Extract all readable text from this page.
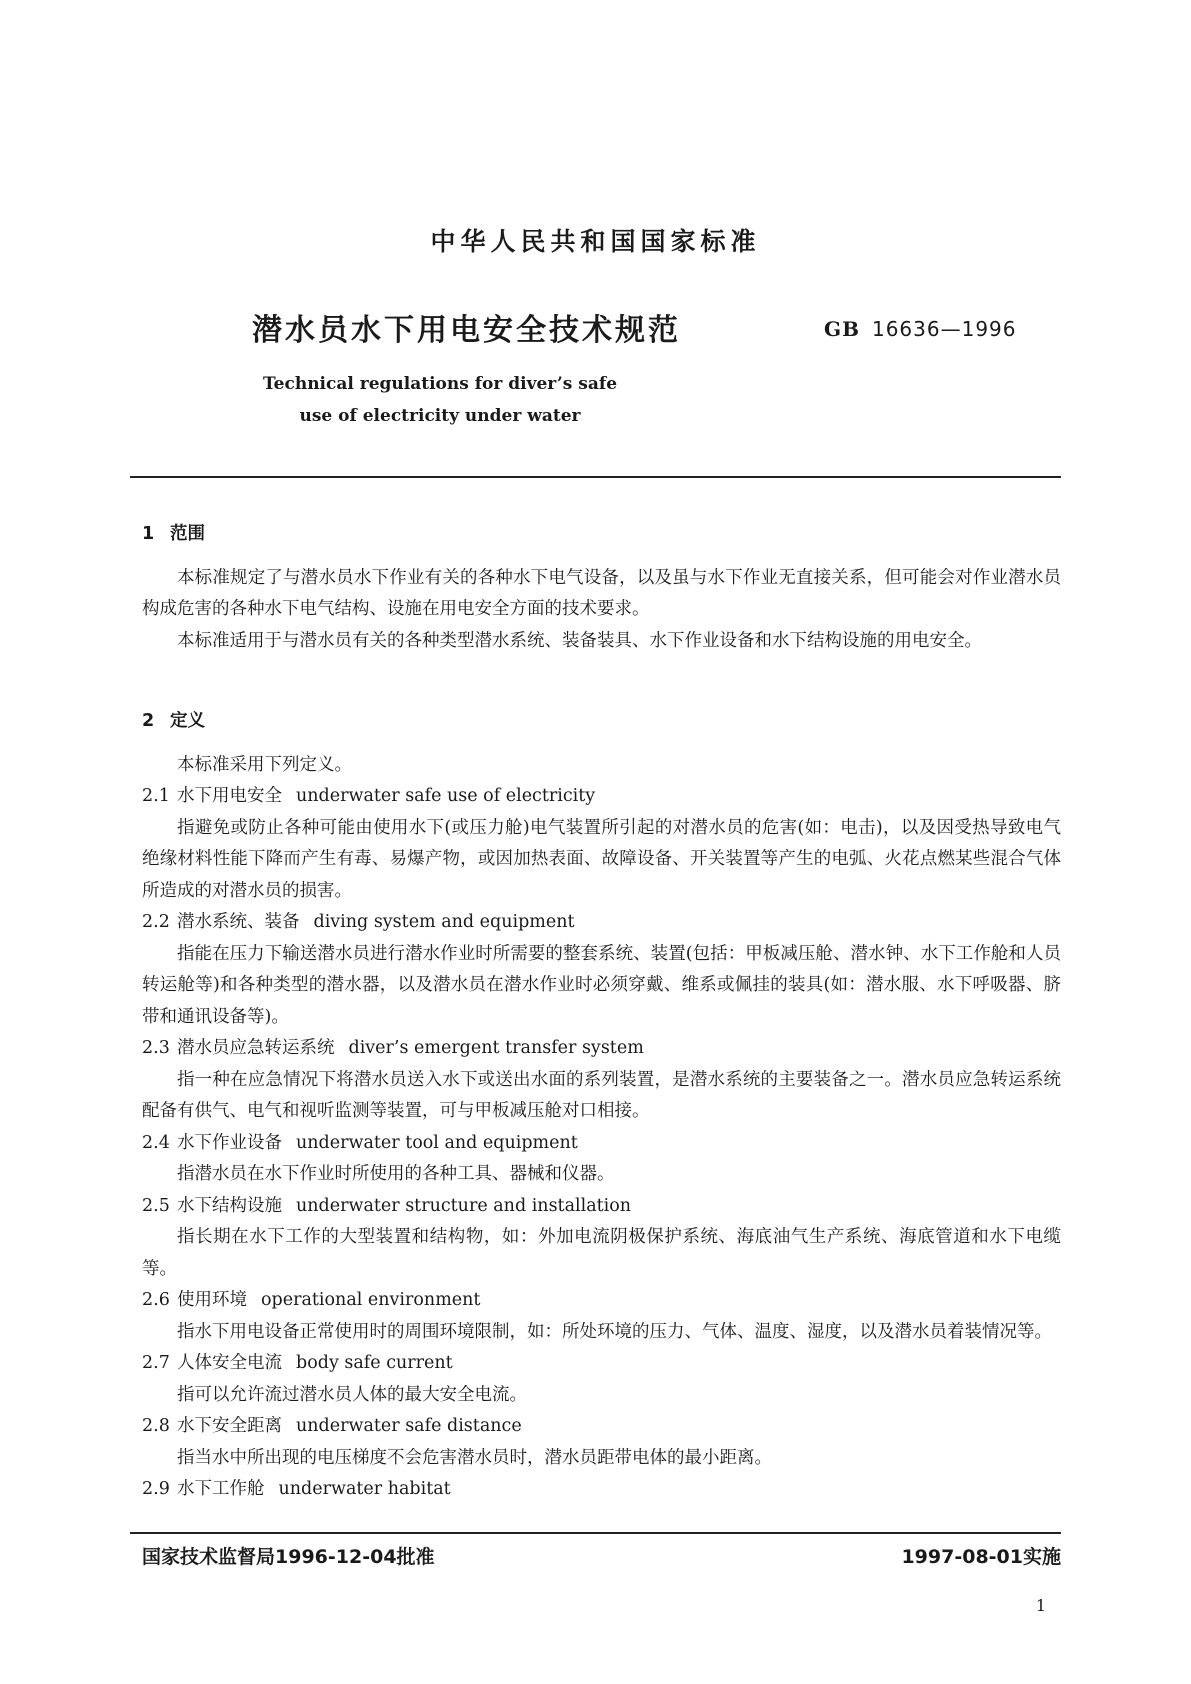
中华人民共和国国家标准
潜水员水下用电安全技术规范	GB 16636—1996
Technical regulations for diver’s safe
use of electricity under water
1 范围
本标准规定了与潜水员水下作业有关的各种水下电气设备，以及虽与水下作业无直接关系，但可能会对作业潜水员构成危害的各种水下电气结构、设施在用电安全方面的技术要求。
本标准适用于与潜水员有关的各种类型潜水系统、装备装具、水下作业设备和水下结构设施的用电安全。
2 定义
本标准采用下列定义。
2.1 水下用电安全 underwater safe use of electricity
指避免或防止各种可能由使用水下(或压力舱)电气装置所引起的对潜水员的危害(如：电击)，以及因受热导致电气绝缘材料性能下降而产生有毒、易爆产物，或因加热表面、故障设备、开关装置等产生的电弧、火花点燃某些混合气体所造成的对潜水员的损害。
2.2 潜水系统、装备 diving system and equipment
指能在压力下输送潜水员进行潜水作业时所需要的整套系统、装置(包括：甲板减压舱、潜水钟、水下工作舱和人员转运舱等)和各种类型的潜水器，以及潜水员在潜水作业时必须穿戴、维系或佩挂的装具(如：潜水服、水下呼吸器、脐带和通讯设备等)。
2.3 潜水员应急转运系统 diver’s emergent transfer system
指一种在应急情况下将潜水员送入水下或送出水面的系列装置，是潜水系统的主要装备之一。潜水员应急转运系统配备有供气、电气和视听监测等装置，可与甲板减压舱对口相接。
2.4 水下作业设备 underwater tool and equipment
指潜水员在水下作业时所使用的各种工具、器械和仪器。
2.5 水下结构设施 underwater structure and installation
指长期在水下工作的大型装置和结构物，如：外加电流阴极保护系统、海底油气生产系统、海底管道和水下电缆等。
2.6 使用环境 operational environment
指水下用电设备正常使用时的周围环境限制，如：所处环境的压力、气体、温度、湿度，以及潜水员着装情况等。
2.7 人体安全电流 body safe current
指可以允许流过潜水员人体的最大安全电流。
2.8 水下安全距离 underwater safe distance
指当水中所出现的电压梯度不会危害潜水员时，潜水员距带电体的最小距离。
2.9 水下工作舱 underwater habitat
国家技术监督局1996-12-04批准	1997-08-01实施
1
